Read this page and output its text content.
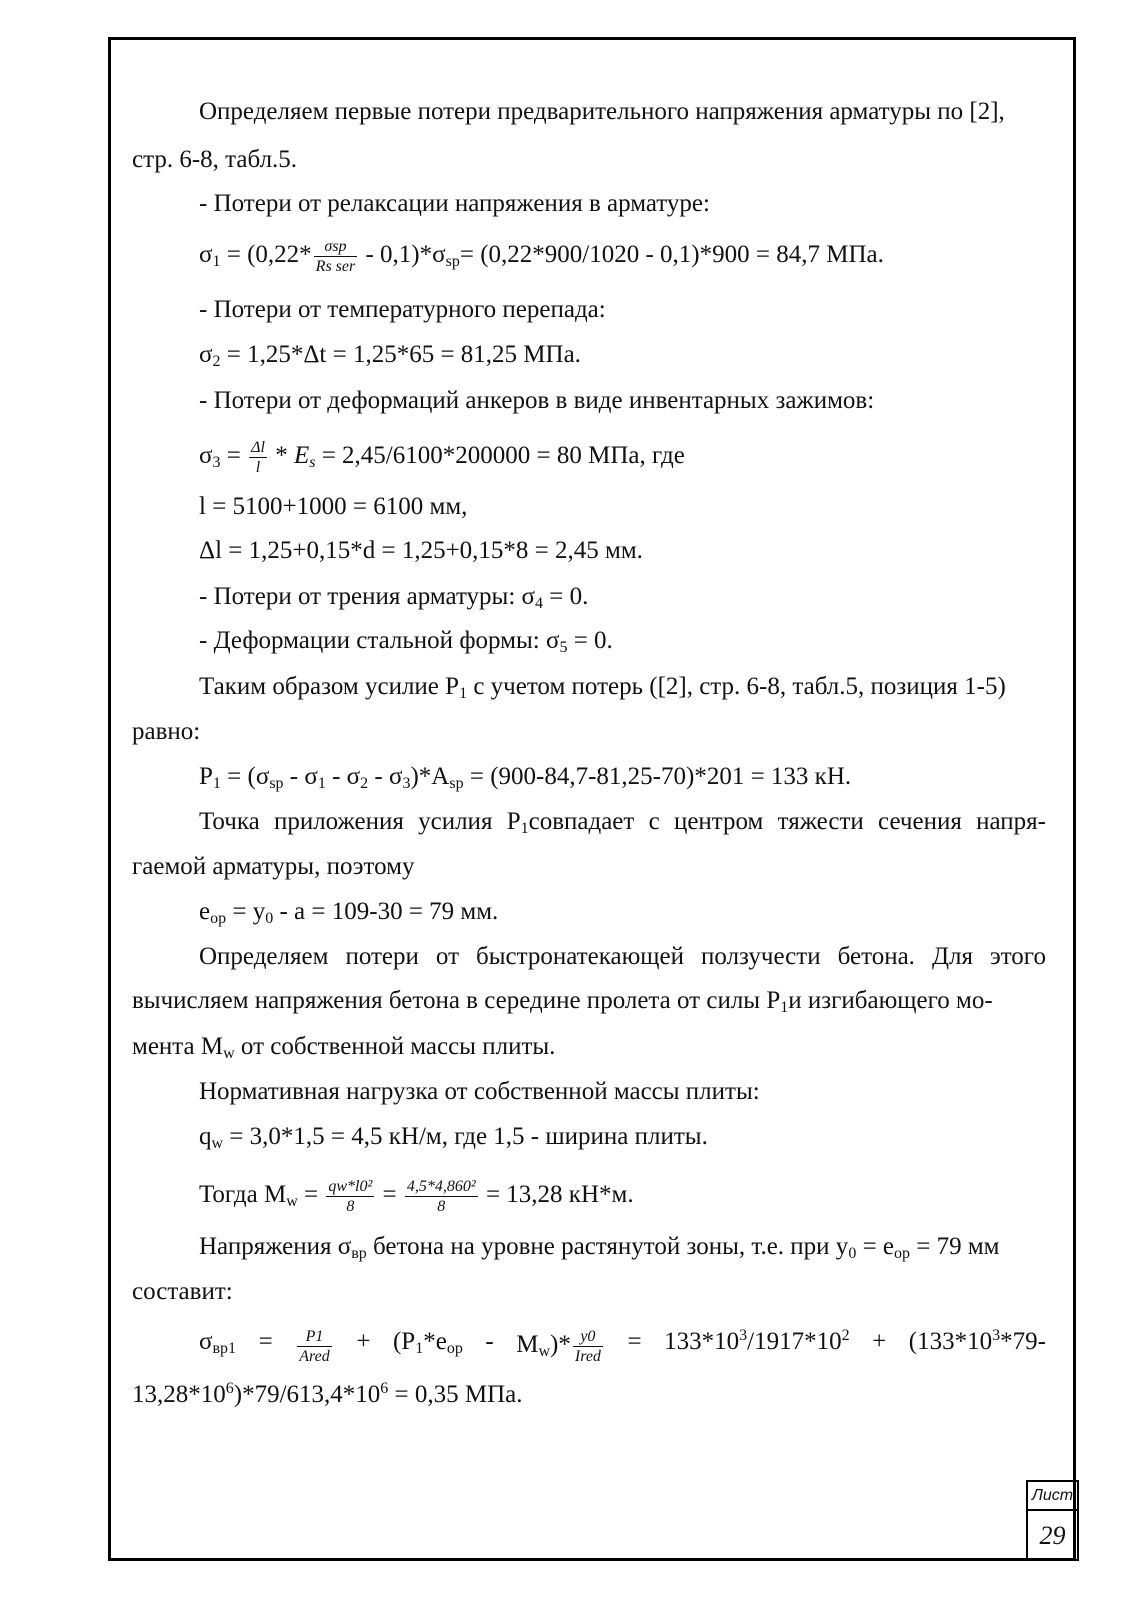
Определяем первые потери предварительного напряжения арматуры по [2],
стр. 6-8, табл.5.
- Потери от релаксации напряжения в арматуре:
$\sigma_1 = (0,22* \frac{\text{σsp}}{\text{Rs ser}} - 0,1)*\sigma_{sp}= (0,22*900/1020 - 0,1)*900 = 84,7$ МПа.
- Потери от температурного перепада:
$\sigma_2 = 1,25*\Delta t = 1,25*65 = 81,25$ МПа.
- Потери от деформаций анкеров в виде инвентарных зажимов:
$\sigma_3 = \frac{\Delta l}{l} * E_s = 2,45/6100*200000 = 80$ МПа, где
l = 5100+1000 = 6100 мм,
Δl = 1,25+0,15*d = 1,25+0,15*8 = 2,45 мм.
- Потери от трения арматуры: $\sigma_4 = 0$.
- Деформации стальной формы: $\sigma_5 = 0$.
Таким образом усилие $P_1$ с учетом потерь ([2], стр. 6-8, табл.5, позиция 1-5)
равно:
$P_1 = (\sigma_{sp} - \sigma_1 - \sigma_2 - \sigma_3)*A_{sp} = (900-84,7-81,25-70)*201 = 133$ кН.
Точка приложения усилия $P_1совпадает$ с центром тяжести сечения напря-
гаемой арматуры, поэтому
$e_{op} = y_0 - a = 109-30 = 79$ мм.
Определяем потери от быстронатекающей ползучести бетона. Для этого
вычисляем напряжения бетона в середине пролета от силы $P_1и$ изгибающего мо-
мента $M_w$ от собственной массы плиты.
Нормативная нагрузка от собственной массы плиты:
$q_w = 3,0*1,5 = 4,5$ кН/м, где 1,5 - ширина плиты.
Тогда $M_w = \frac{\text{qw*l0²}}{8} = \frac{\text{4,5*4,860²}}{8} = 13,28$ кН*м.
Напряжения $\sigma_{вр}$ бетона на уровне растянутой зоны, т.е. при $y_0 = e_{op} = 79$ мм
составит:
$\sigma_{вр1} = \frac{P1}{\text{Ared}} + (P_1*e_{op} - M_w)* \frac{y0}{\text{Ired}} = 133*10^3/1917*10^2 + (133*10^3*79-$
$13,28*10^6)*79/613,4*10^6 = 0,35$ МПа.
Лист
29
